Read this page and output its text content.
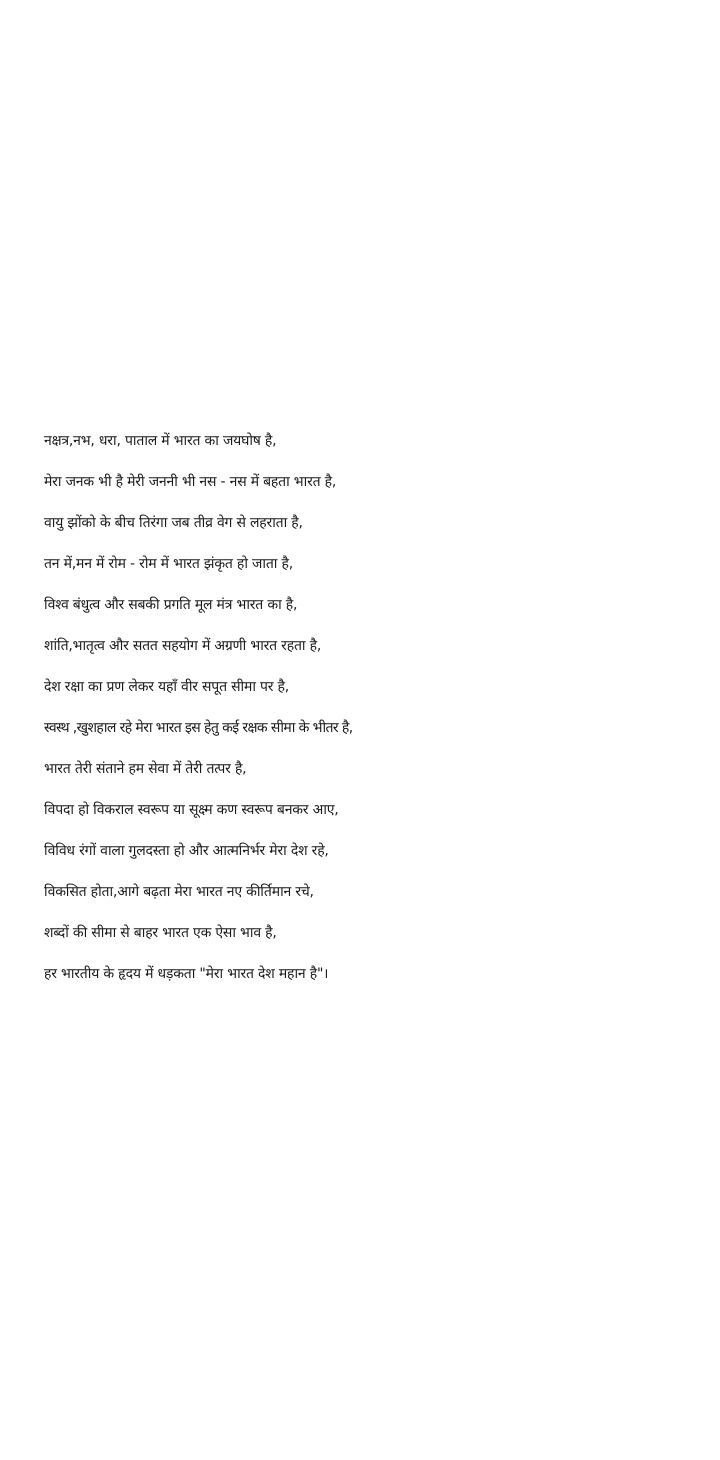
नक्षत्र,नभ, धरा, पाताल में भारत का जयघोष है,
मेरा जनक भी है मेरी जननी भी नस - नस में बहता भारत है,
वायु झोंको के बीच तिरंगा जब तीव्र वेग से लहराता है,
तन में,मन में रोम - रोम में भारत झंकृत हो जाता है,
विश्व बंधुत्व और सबकी प्रगति मूल मंत्र भारत का है,
शांति,भातृत्व और सतत सहयोग में अग्रणी भारत रहता है,
देश रक्षा का प्रण लेकर यहाँ वीर सपूत सीमा पर है,
स्वस्थ ,खुशहाल रहे मेरा भारत इस हेतु कई रक्षक सीमा के भीतर है,
भारत तेरी संताने हम सेवा में तेरी तत्पर है,
विपदा हो विकराल स्वरूप या सूक्ष्म कण स्वरूप बनकर आए,
विविध रंगों वाला गुलदस्ता हो और आत्मनिर्भर मेरा देश रहे,
विकसित होता,आगे बढ़ता मेरा भारत नए कीर्तिमान रचे,
शब्दों की सीमा से बाहर भारत एक ऐसा भाव है,
हर भारतीय के हृदय में धड़कता "मेरा भारत देश महान है"।
